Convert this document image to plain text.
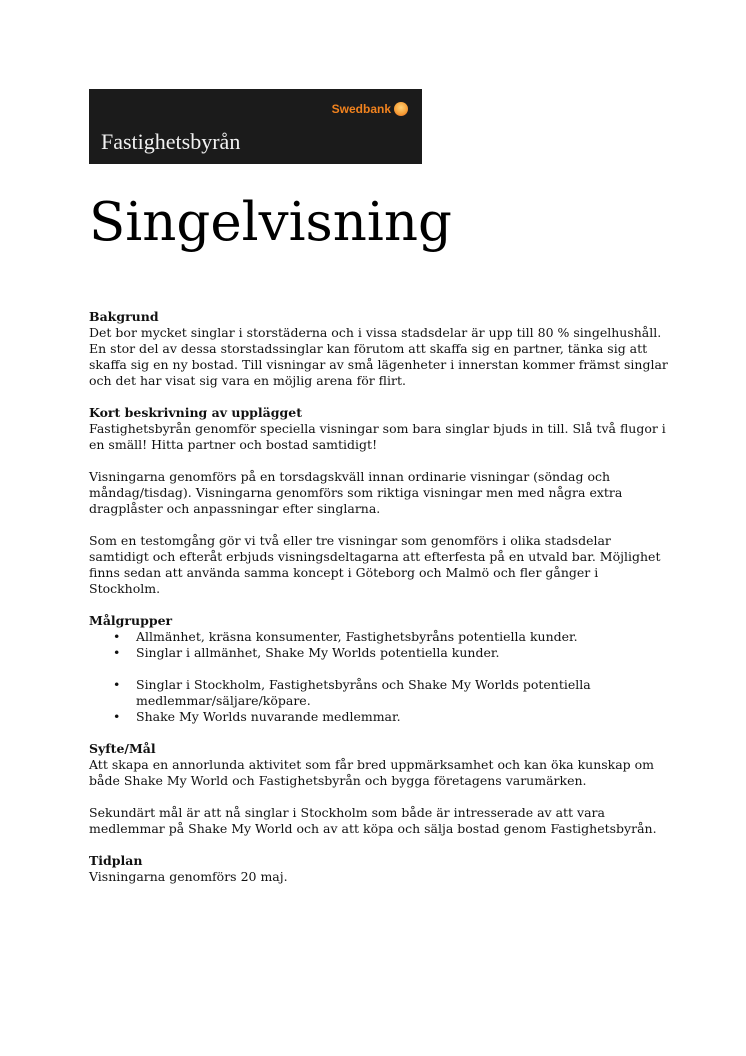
Swedbank
Fastighetsbyrån
Singelvisning
Bakgrund

Det bor mycket singlar i storstäderna och i vissa stadsdelar är upp till 80 % singelhushåll. En stor del av dessa storstadssinglar kan förutom att skaffa sig en partner, tänka sig att skaffa sig en ny bostad. Till visningar av små lägenheter i innerstan kommer främst singlar och det har visat sig vara en möjlig arena för flirt.

Kort beskrivning av upplägget

Fastighetsbyrån genomför speciella visningar som bara singlar bjuds in till. Slå två flugor i en smäll! Hitta partner och bostad samtidigt!

Visningarna genomförs på en torsdagskväll innan ordinarie visningar (söndag och måndag/tisdag). Visningarna genomförs som riktiga visningar men med några extra dragplåster och anpassningar efter singlarna.

Som en testomgång gör vi två eller tre visningar som genomförs i olika stadsdelar samtidigt och efteråt erbjuds visningsdeltagarna att efterfesta på en utvald bar. Möjlighet finns sedan att använda samma koncept i Göteborg och Malmö och fler gånger i Stockholm.

Målgrupper
• Allmänhet, kräsna konsumenter, Fastighetsbyråns potentiella kunder.
• Singlar i allmänhet, Shake My Worlds potentiella kunder.
• Singlar i Stockholm, Fastighetsbyråns och Shake My Worlds potentiella medlemmar/säljare/köpare.
• Shake My Worlds nuvarande medlemmar.
Syfte/Mål

Att skapa en annorlunda aktivitet som får bred uppmärksamhet och kan öka kunskap om både Shake My World och Fastighetsbyrån och bygga företagens varumärken.

Sekundärt mål är att nå singlar i Stockholm som både är intresserade av att vara medlemmar på Shake My World och av att köpa och sälja bostad genom Fastighetsbyrån.

Tidplan

Visningarna genomförs 20 maj.
